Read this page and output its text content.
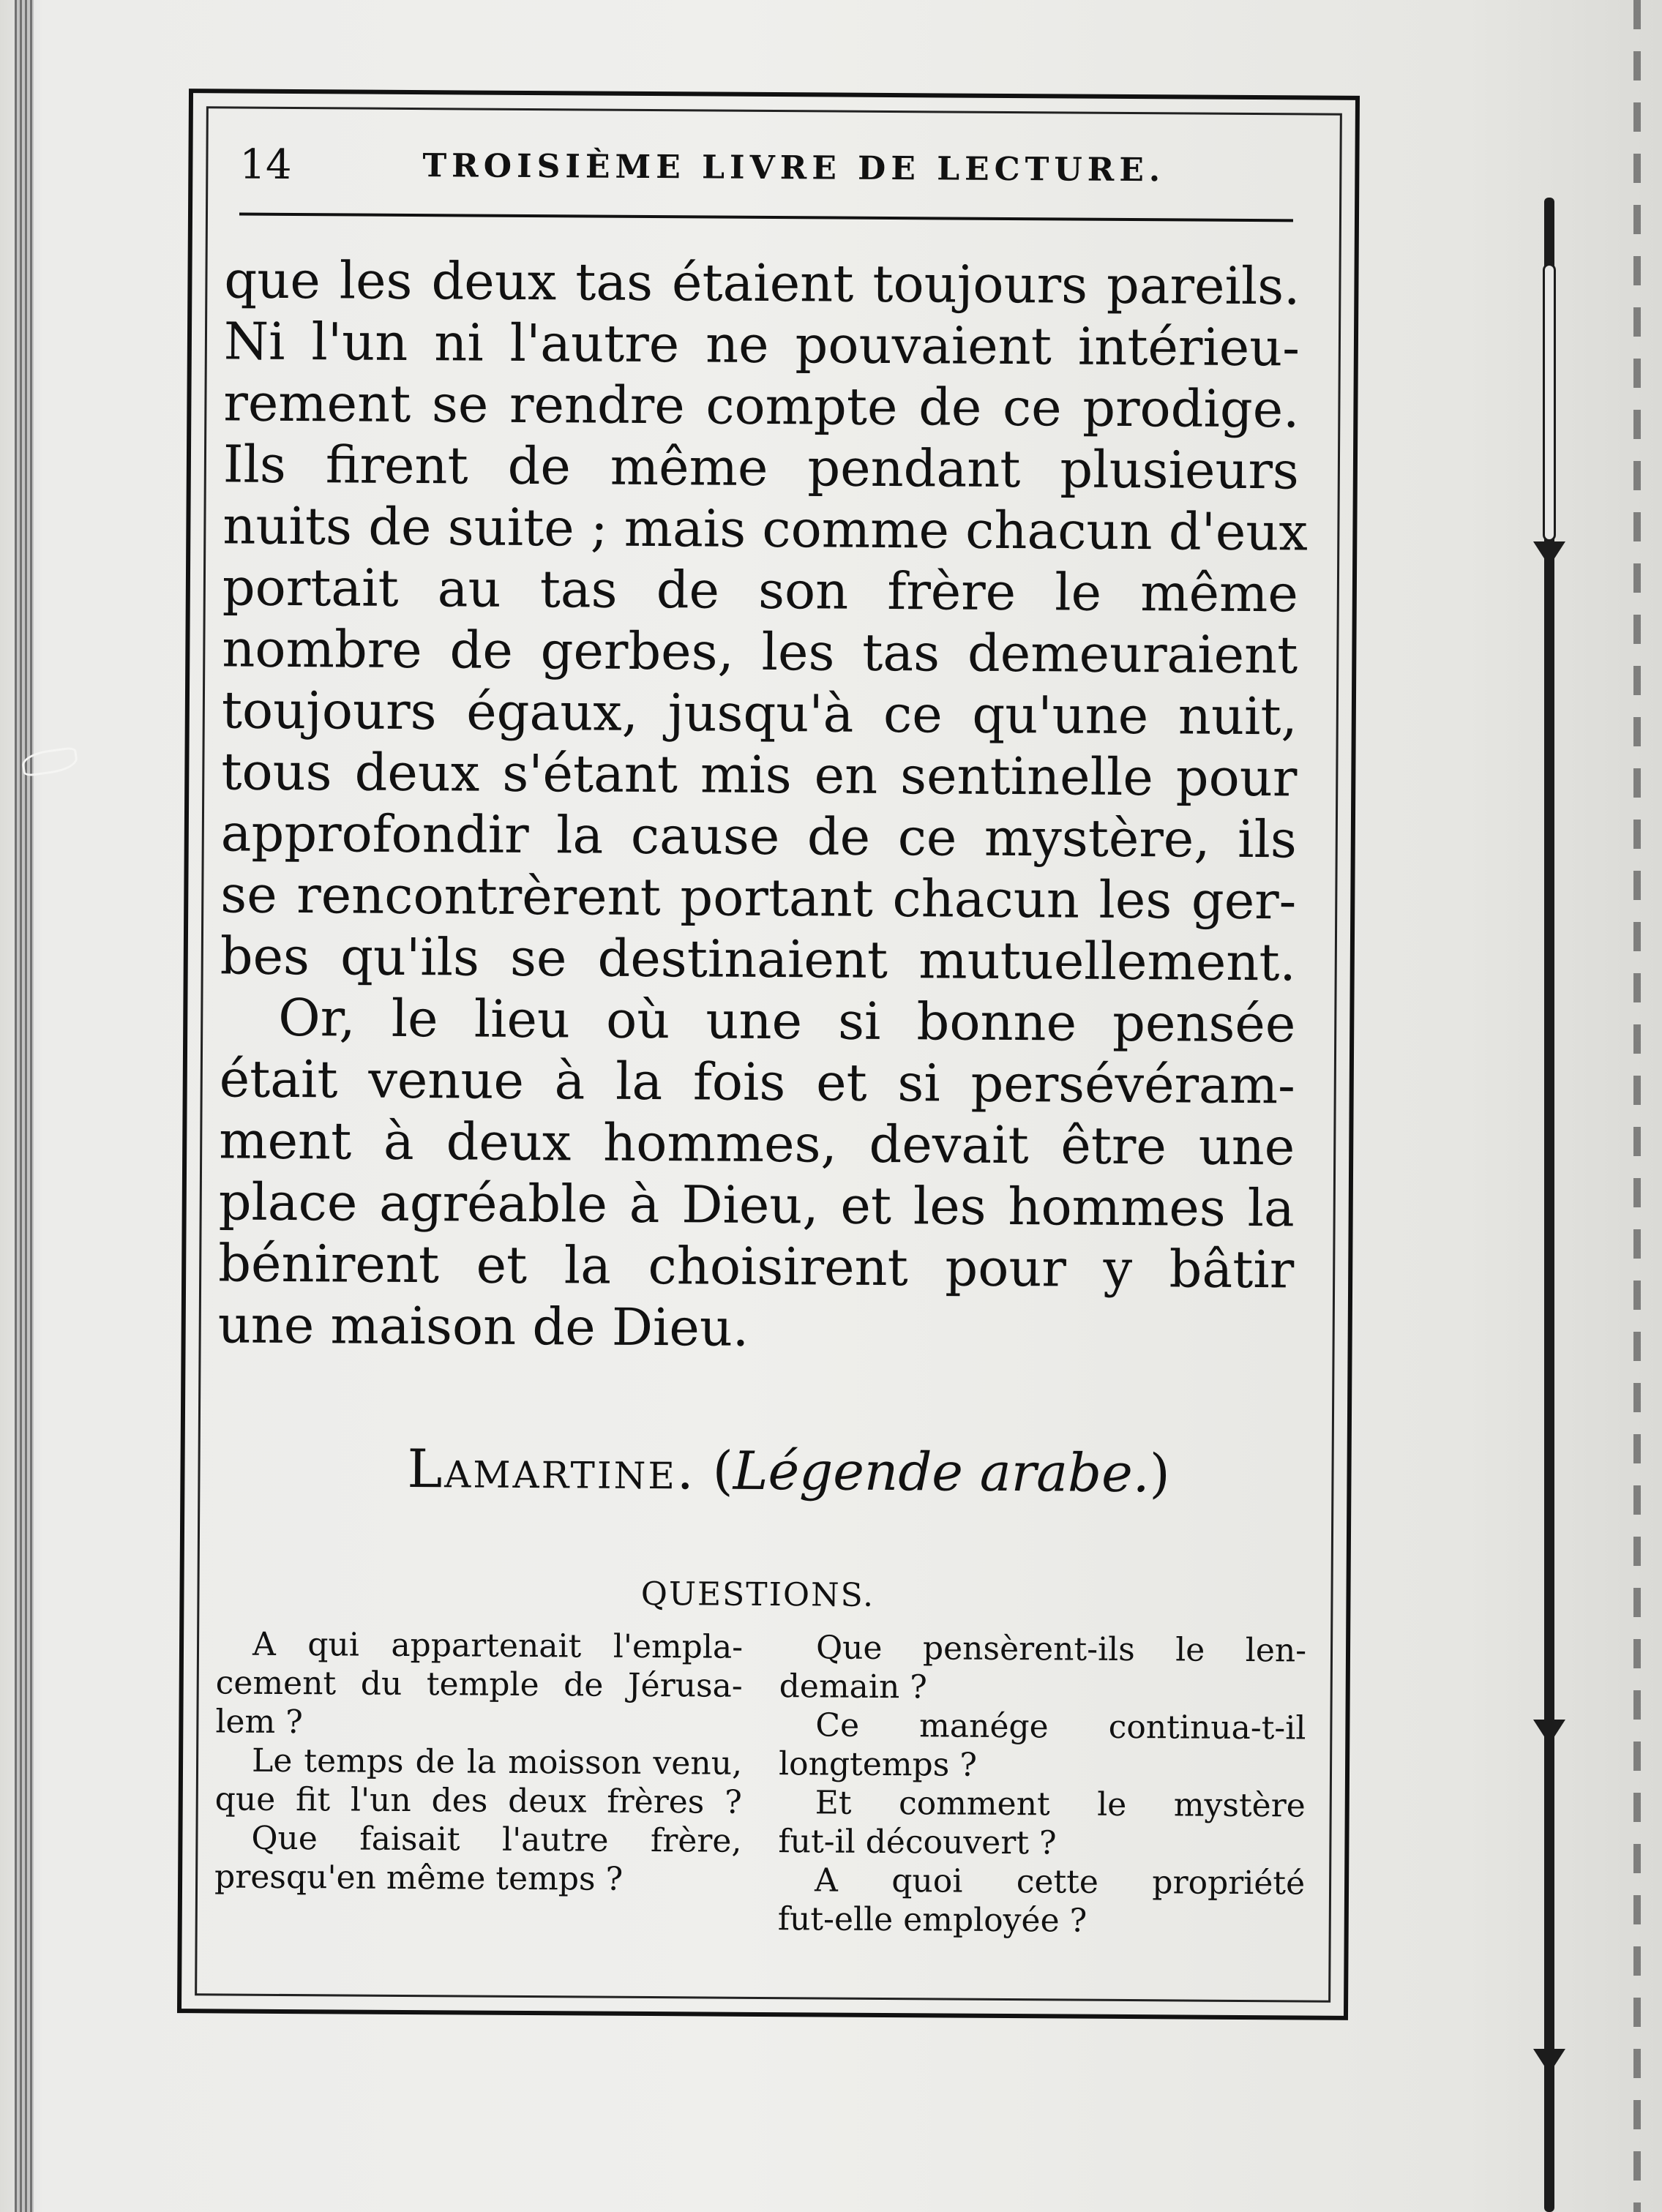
14	TROISIÈME LIVRE DE LECTURE.
que les deux tas étaient toujours pareils.
Ni l'un ni l'autre ne pouvaient intérieu-
rement se rendre compte de ce prodige.
Ils firent de même pendant plusieurs
nuits de suite ; mais comme chacun d'eux
portait au tas de son frère le même
nombre de gerbes, les tas demeuraient
toujours égaux, jusqu'à ce qu'une nuit,
tous deux s'étant mis en sentinelle pour
approfondir la cause de ce mystère, ils
se rencontrèrent portant chacun les ger-
bes qu'ils se destinaient mutuellement.
Or, le lieu où une si bonne pensée
était venue à la fois et si persévéram-
ment à deux hommes, devait être une
place agréable à Dieu, et les hommes la
bénirent et la choisirent pour y bâtir
une maison de Dieu.
Lamartine. (Légende arabe.)
QUESTIONS.
A qui appartenait l'empla-
cement du temple de Jérusa-
lem ?
Le temps de la moisson venu,
que fit l'un des deux frères ?
Que faisait l'autre frère,
presqu'en même temps ?
Que pensèrent-ils le len-
demain ?
Ce manége continua-t-il
longtemps ?
Et comment le mystère
fut-il découvert ?
A quoi cette propriété
fut-elle employée ?
